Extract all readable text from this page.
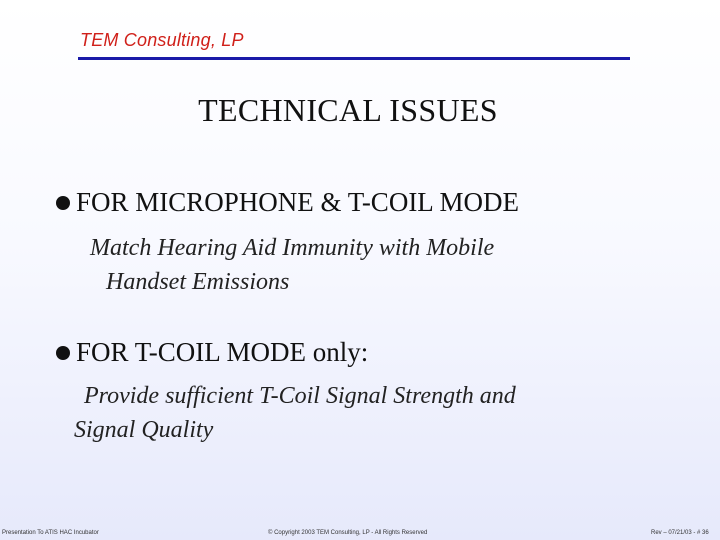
TEM Consulting, LP
TECHNICAL ISSUES
FOR MICROPHONE & T-COIL MODE
Match Hearing Aid Immunity with Mobile
Handset Emissions
FOR T-COIL MODE only:
Provide sufficient T-Coil Signal Strength and
Signal Quality
Presentation To ATIS HAC Incubator	© Copyright 2003 TEM Consulting, LP - All Rights Reserved	Rev – 07/21/03 - # 36
